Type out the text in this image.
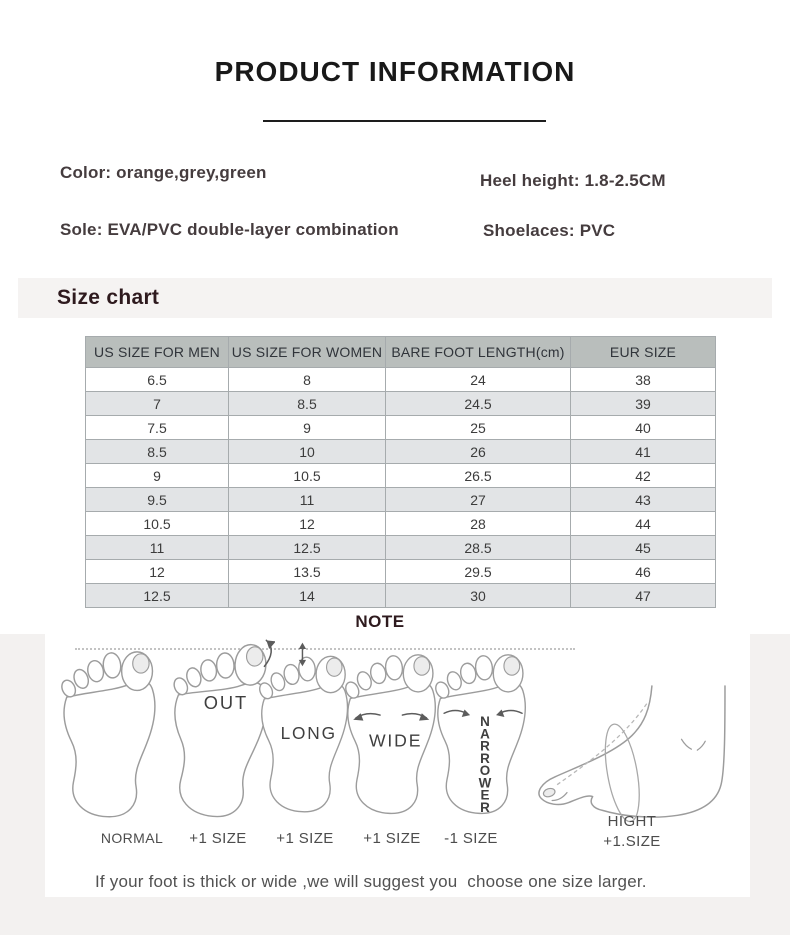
PRODUCT INFORMATION
Color: orange,grey,green	Heel height: 1.8-2.5CM
Sole: EVA/PVC double-layer combination	Shoelaces: PVC
Size chart
US SIZE FOR MEN	US SIZE FOR WOMEN	BARE FOOT LENGTH(cm)	EUR SIZE
6.5	8	24	38
7	8.5	24.5	39
7.5	9	25	40
8.5	10	26	41
9	10.5	26.5	42
9.5	11	27	43
10.5	12	28	44
11	12.5	28.5	45
12	13.5	29.5	46
12.5	14	30	47
NOTE
OUT
LONG WIDE
N A R R O W E R
NORMAL	+1 SIZE	+1 SIZE	+1 SIZE	-1 SIZE
HIGHT
+1.SIZE
If your foot is thick or wide ,we will suggest you  choose one size larger.
